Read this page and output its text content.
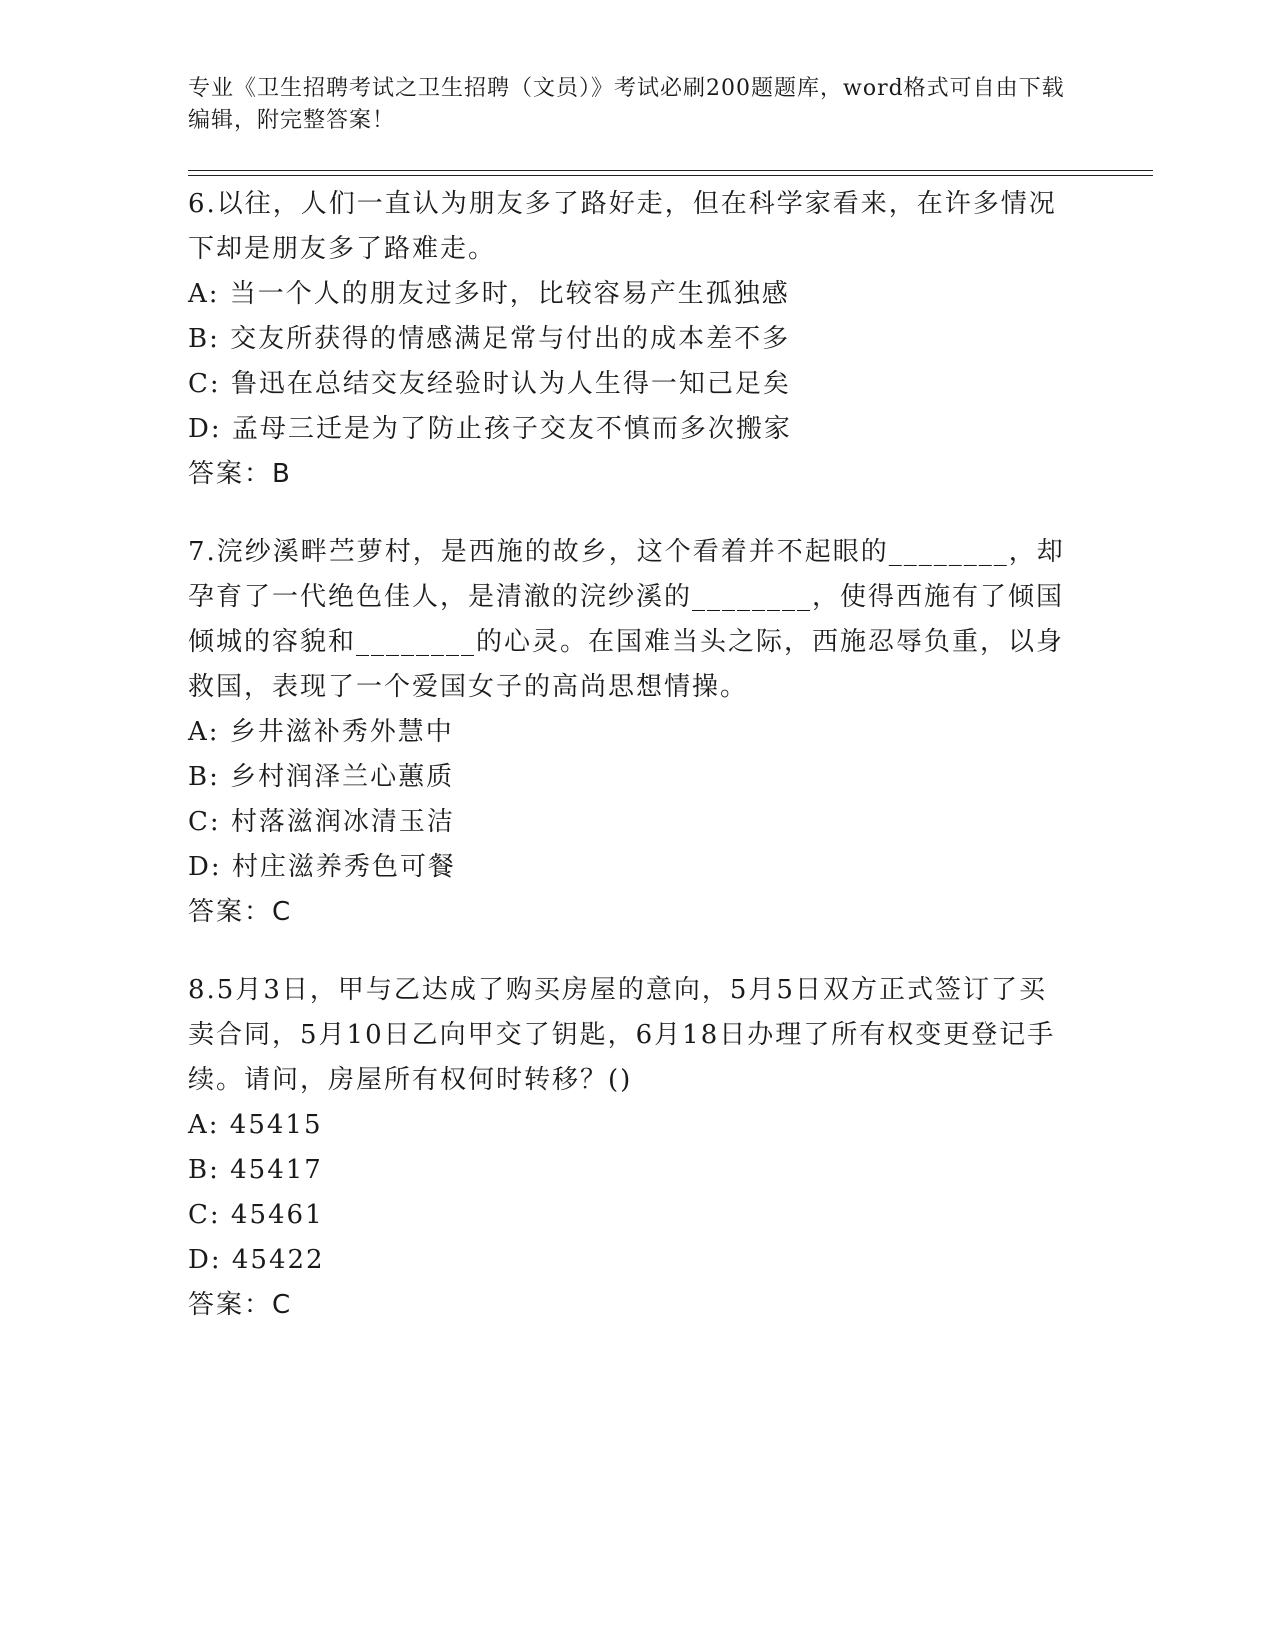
专业《卫生招聘考试之卫生招聘（文员）》考试必刷200题题库，word格式可自由下载编辑，附完整答案！
6.以往，人们一直认为朋友多了路好走，但在科学家看来，在许多情况下却是朋友多了路难走。
A: 当一个人的朋友过多时，比较容易产生孤独感
B: 交友所获得的情感满足常与付出的成本差不多
C: 鲁迅在总结交友经验时认为人生得一知己足矣
D: 孟母三迁是为了防止孩子交友不慎而多次搬家
答案：B
7.浣纱溪畔苎萝村，是西施的故乡，这个看着并不起眼的________，却孕育了一代绝色佳人，是清澈的浣纱溪的________，使得西施有了倾国倾城的容貌和________的心灵。在国难当头之际，西施忍辱负重，以身救国，表现了一个爱国女子的高尚思想情操。
A: 乡井滋补秀外慧中
B: 乡村润泽兰心蕙质
C: 村落滋润冰清玉洁
D: 村庄滋养秀色可餐
答案：C
8.5月3日，甲与乙达成了购买房屋的意向，5月5日双方正式签订了买卖合同，5月10日乙向甲交了钥匙，6月18日办理了所有权变更登记手续。请问，房屋所有权何时转移？()
A: 45415
B: 45417
C: 45461
D: 45422
答案：C
